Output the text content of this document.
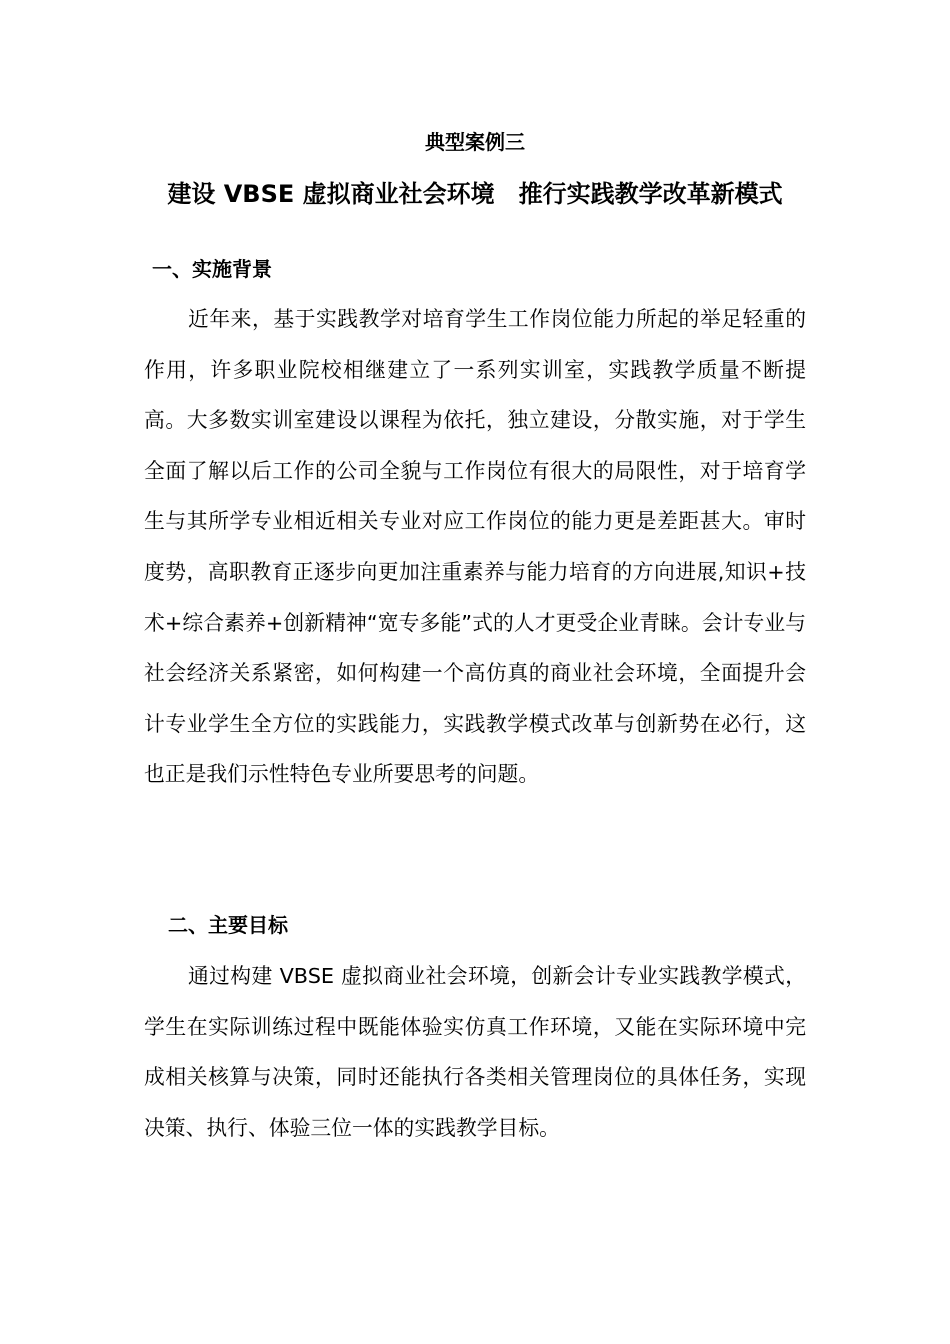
典型案例三
建设 VBSE 虚拟商业社会环境　推行实践教学改革新模式
一、实施背景

近年来，基于实践教学对培育学生工作岗位能力所起的举足轻重的作用，许多职业院校相继建立了一系列实训室，实践教学质量不断提高。大多数实训室建设以课程为依托，独立建设，分散实施，对于学生全面了解以后工作的公司全貌与工作岗位有很大的局限性，对于培育学生与其所学专业相近相关专业对应工作岗位的能力更是差距甚大。审时度势，高职教育正逐步向更加注重素养与能力培育的方向进展,知识+技术+综合素养+创新精神“宽专多能”式的人才更受企业青睐。会计专业与社会经济关系紧密，如何构建一个高仿真的商业社会环境，全面提升会计专业学生全方位的实践能力，实践教学模式改革与创新势在必行，这也正是我们示性特色专业所要思考的问题。

二、主要目标

通过构建 VBSE 虚拟商业社会环境，创新会计专业实践教学模式，学生在实际训练过程中既能体验实仿真工作环境，又能在实际环境中完成相关核算与决策，同时还能执行各类相关管理岗位的具体任务，实现决策、执行、体验三位一体的实践教学目标。
